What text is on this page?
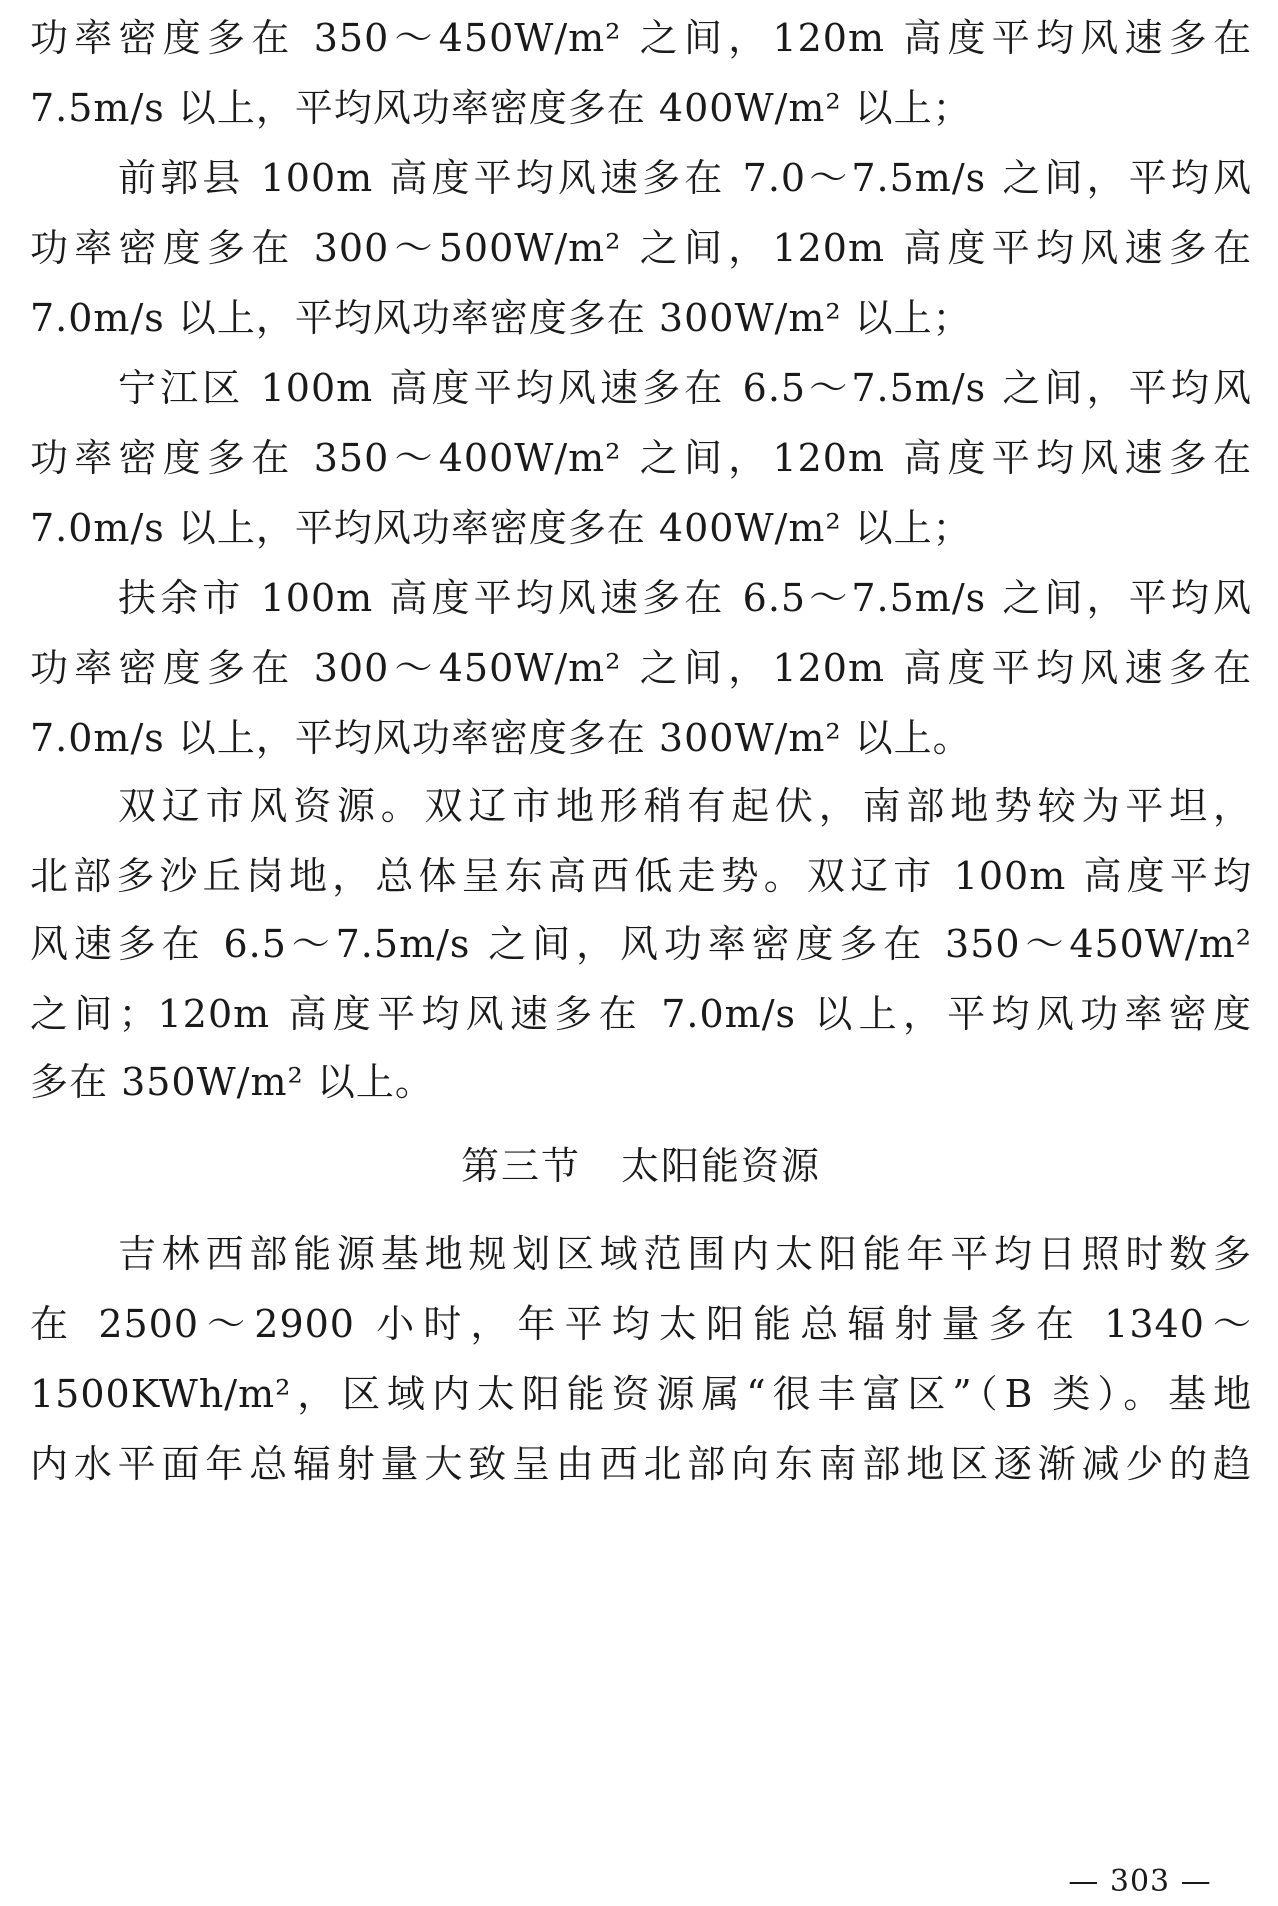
功率密度多在 350～450W/m² 之间，120m 高度平均风速多在
7.5m/s 以上，平均风功率密度多在 400W/m² 以上；
前郭县 100m 高度平均风速多在 7.0～7.5m/s 之间，平均风
功率密度多在 300～500W/m² 之间，120m 高度平均风速多在
7.0m/s 以上，平均风功率密度多在 300W/m² 以上；
宁江区 100m 高度平均风速多在 6.5～7.5m/s 之间，平均风
功率密度多在 350～400W/m² 之间，120m 高度平均风速多在
7.0m/s 以上，平均风功率密度多在 400W/m² 以上；
扶余市 100m 高度平均风速多在 6.5～7.5m/s 之间，平均风
功率密度多在 300～450W/m² 之间，120m 高度平均风速多在
7.0m/s 以上，平均风功率密度多在 300W/m² 以上。
双辽市风资源。双辽市地形稍有起伏，南部地势较为平坦，
北部多沙丘岗地，总体呈东高西低走势。双辽市 100m 高度平均
风速多在 6.5～7.5m/s 之间，风功率密度多在 350～450W/m²
之间；120m 高度平均风速多在 7.0m/s 以上，平均风功率密度
多在 350W/m² 以上。
第三节　太阳能资源
吉林西部能源基地规划区域范围内太阳能年平均日照时数多
在 2500～2900 小时，年平均太阳能总辐射量多在 1340～
1500KWh/m²，区域内太阳能资源属“很丰富区”（B 类）。基地
内水平面年总辐射量大致呈由西北部向东南部地区逐渐减少的趋
— 303 —
